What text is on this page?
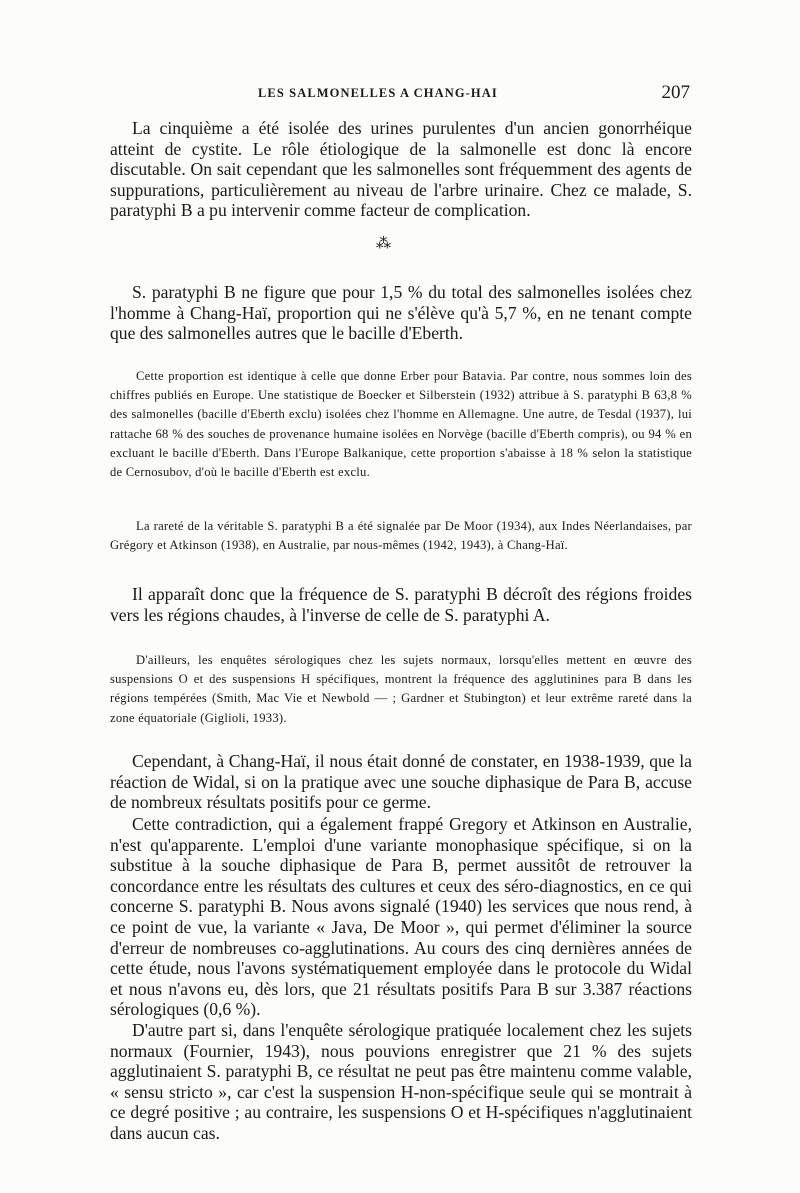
LES SALMONELLES A CHANG-HAI	207

La cinquième a été isolée des urines purulentes d'un ancien gonorrhéique atteint de cystite. Le rôle étiologique de la salmonelle est donc là encore discutable. On sait cependant que les salmonelles sont fréquemment des agents de suppurations, particulièrement au niveau de l'arbre urinaire. Chez ce malade, S. paratyphi B a pu intervenir comme facteur de complication.

⁂

S. paratyphi B ne figure que pour 1,5 % du total des salmonelles isolées chez l'homme à Chang-Haï, proportion qui ne s'élève qu'à 5,7 %, en ne tenant compte que des salmonelles autres que le bacille d'Eberth.

Cette proportion est identique à celle que donne Erber pour Batavia. Par contre, nous sommes loin des chiffres publiés en Europe. Une statistique de Boecker et Silberstein (1932) attribue à S. paratyphi B 63,8 % des salmonelles (bacille d'Eberth exclu) isolées chez l'homme en Allemagne. Une autre, de Tesdal (1937), lui rattache 68 % des souches de provenance humaine isolées en Norvège (bacille d'Eberth compris), ou 94 % en excluant le bacille d'Eberth. Dans l'Europe Balkanique, cette proportion s'abaisse à 18 % selon la statistique de Cernosubov, d'où le bacille d'Eberth est exclu.

La rareté de la véritable S. paratyphi B a été signalée par De Moor (1934), aux Indes Néerlandaises, par Grégory et Atkinson (1938), en Australie, par nous-mêmes (1942, 1943), à Chang-Haï.

Il apparaît donc que la fréquence de S. paratyphi B décroît des régions froides vers les régions chaudes, à l'inverse de celle de S. paratyphi A.

D'ailleurs, les enquêtes sérologiques chez les sujets normaux, lorsqu'elles mettent en œuvre des suspensions O et des suspensions H spécifiques, montrent la fréquence des agglutinines para B dans les régions tempérées (Smith, Mac Vie et Newbold — ; Gardner et Stubington) et leur extrême rareté dans la zone équatoriale (Giglioli, 1933).

Cependant, à Chang-Haï, il nous était donné de constater, en 1938-1939, que la réaction de Widal, si on la pratique avec une souche diphasique de Para B, accuse de nombreux résultats positifs pour ce germe.

Cette contradiction, qui a également frappé Gregory et Atkinson en Australie, n'est qu'apparente. L'emploi d'une variante monophasique spécifique, si on la substitue à la souche diphasique de Para B, permet aussitôt de retrouver la concordance entre les résultats des cultures et ceux des séro-diagnostics, en ce qui concerne S. paratyphi B. Nous avons signalé (1940) les services que nous rend, à ce point de vue, la variante « Java, De Moor », qui permet d'éliminer la source d'erreur de nombreuses co-agglutinations. Au cours des cinq dernières années de cette étude, nous l'avons systématiquement employée dans le protocole du Widal et nous n'avons eu, dès lors, que 21 résultats positifs Para B sur 3.387 réactions sérologiques (0,6 %).

D'autre part si, dans l'enquête sérologique pratiquée localement chez les sujets normaux (Fournier, 1943), nous pouvions enregistrer que 21 % des sujets agglutinaient S. paratyphi B, ce résultat ne peut pas être maintenu comme valable, « sensu stricto », car c'est la suspension H-non-spécifique seule qui se montrait à ce degré positive ; au contraire, les suspensions O et H-spécifiques n'agglutinaient dans aucun cas.
